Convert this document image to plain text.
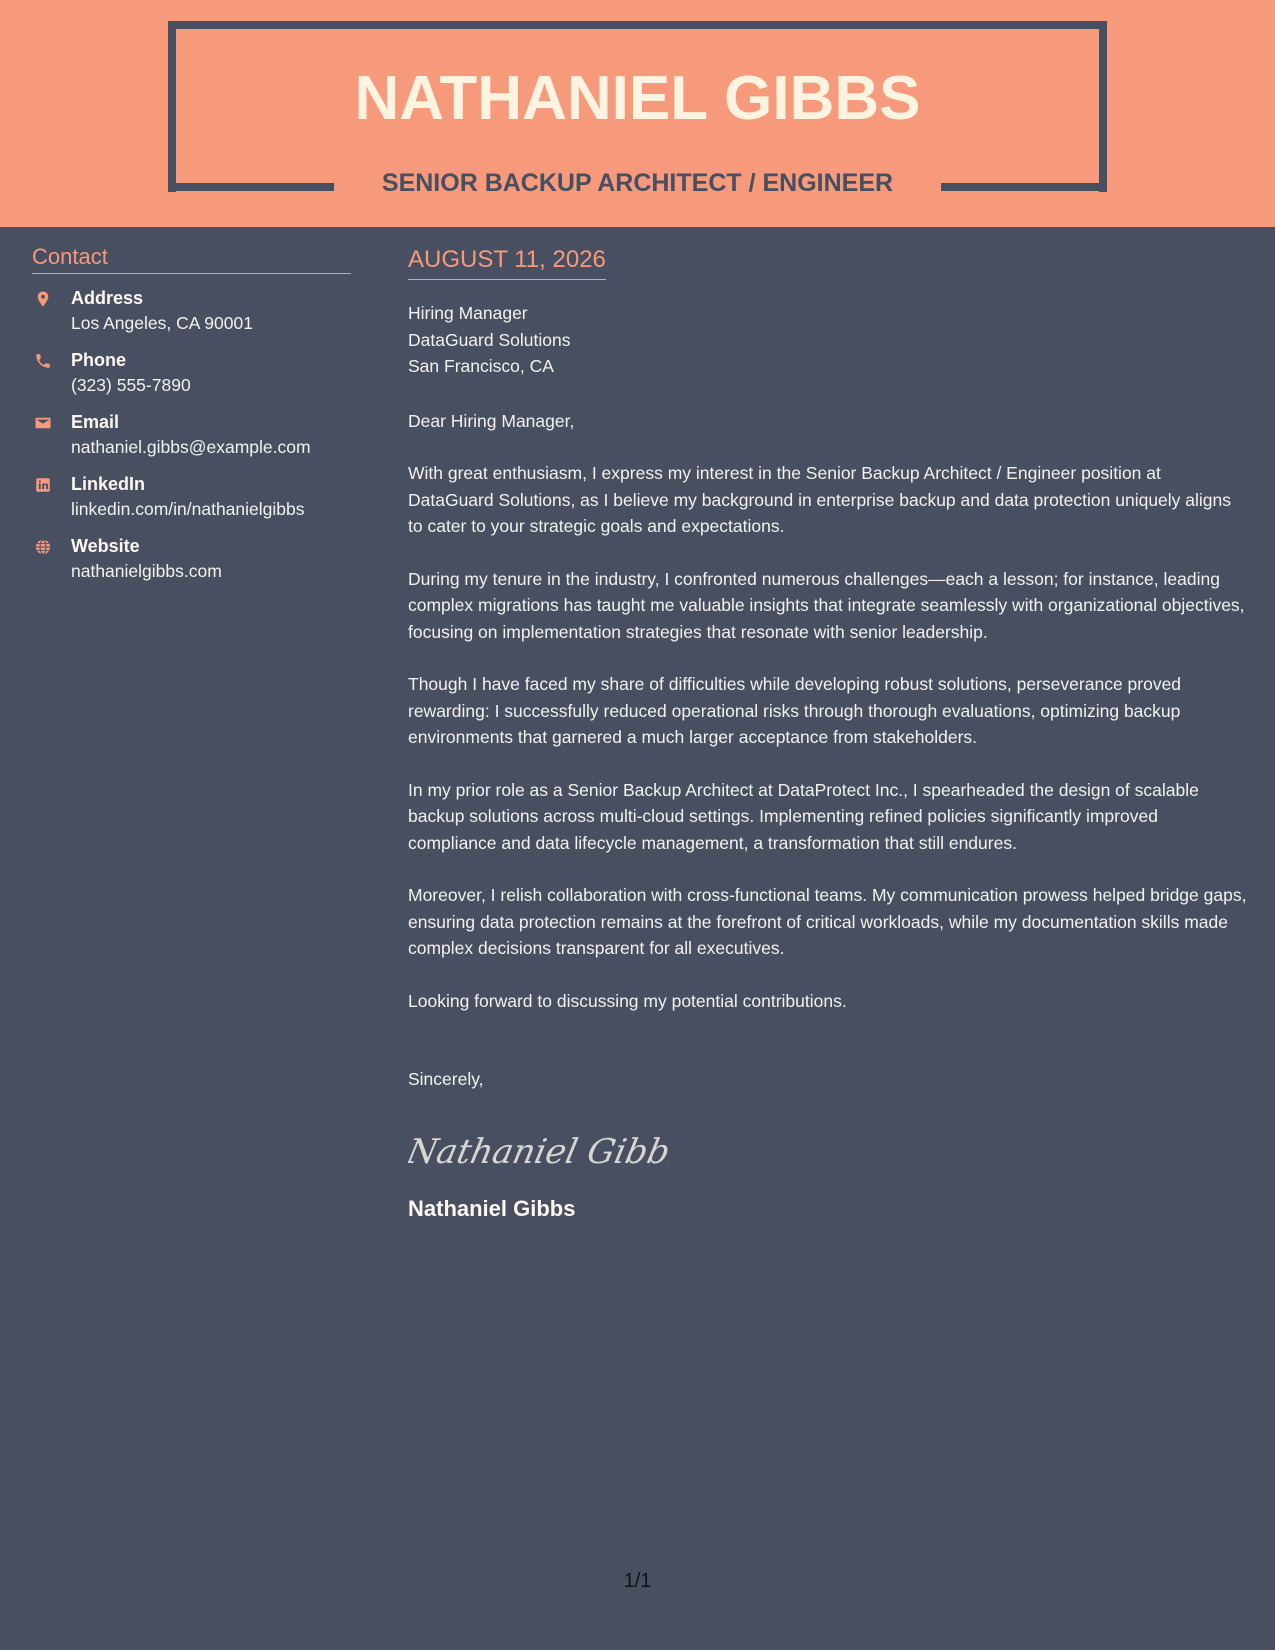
NATHANIEL GIBBS
SENIOR BACKUP ARCHITECT / ENGINEER
Contact
Address
Los Angeles, CA 90001
Phone
(323) 555-7890
Email
nathaniel.gibbs@example.com
LinkedIn
linkedin.com/in/nathanielgibbs
Website
nathanielgibbs.com
AUGUST 11, 2026
Hiring Manager
DataGuard Solutions
San Francisco, CA
Dear Hiring Manager,
With great enthusiasm, I express my interest in the Senior Backup Architect / Engineer position at DataGuard Solutions, as I believe my background in enterprise backup and data protection uniquely aligns to cater to your strategic goals and expectations.
During my tenure in the industry, I confronted numerous challenges—each a lesson; for instance, leading complex migrations has taught me valuable insights that integrate seamlessly with organizational objectives, focusing on implementation strategies that resonate with senior leadership.
Though I have faced my share of difficulties while developing robust solutions, perseverance proved rewarding: I successfully reduced operational risks through thorough evaluations, optimizing backup environments that garnered a much larger acceptance from stakeholders.
In my prior role as a Senior Backup Architect at DataProtect Inc., I spearheaded the design of scalable backup solutions across multi-cloud settings. Implementing refined policies significantly improved compliance and data lifecycle management, a transformation that still endures.
Moreover, I relish collaboration with cross-functional teams. My communication prowess helped bridge gaps, ensuring data protection remains at the forefront of critical workloads, while my documentation skills made complex decisions transparent for all executives.
Looking forward to discussing my potential contributions.
Sincerely,
Nathaniel Gibbs
Nathaniel Gibbs
1/1
